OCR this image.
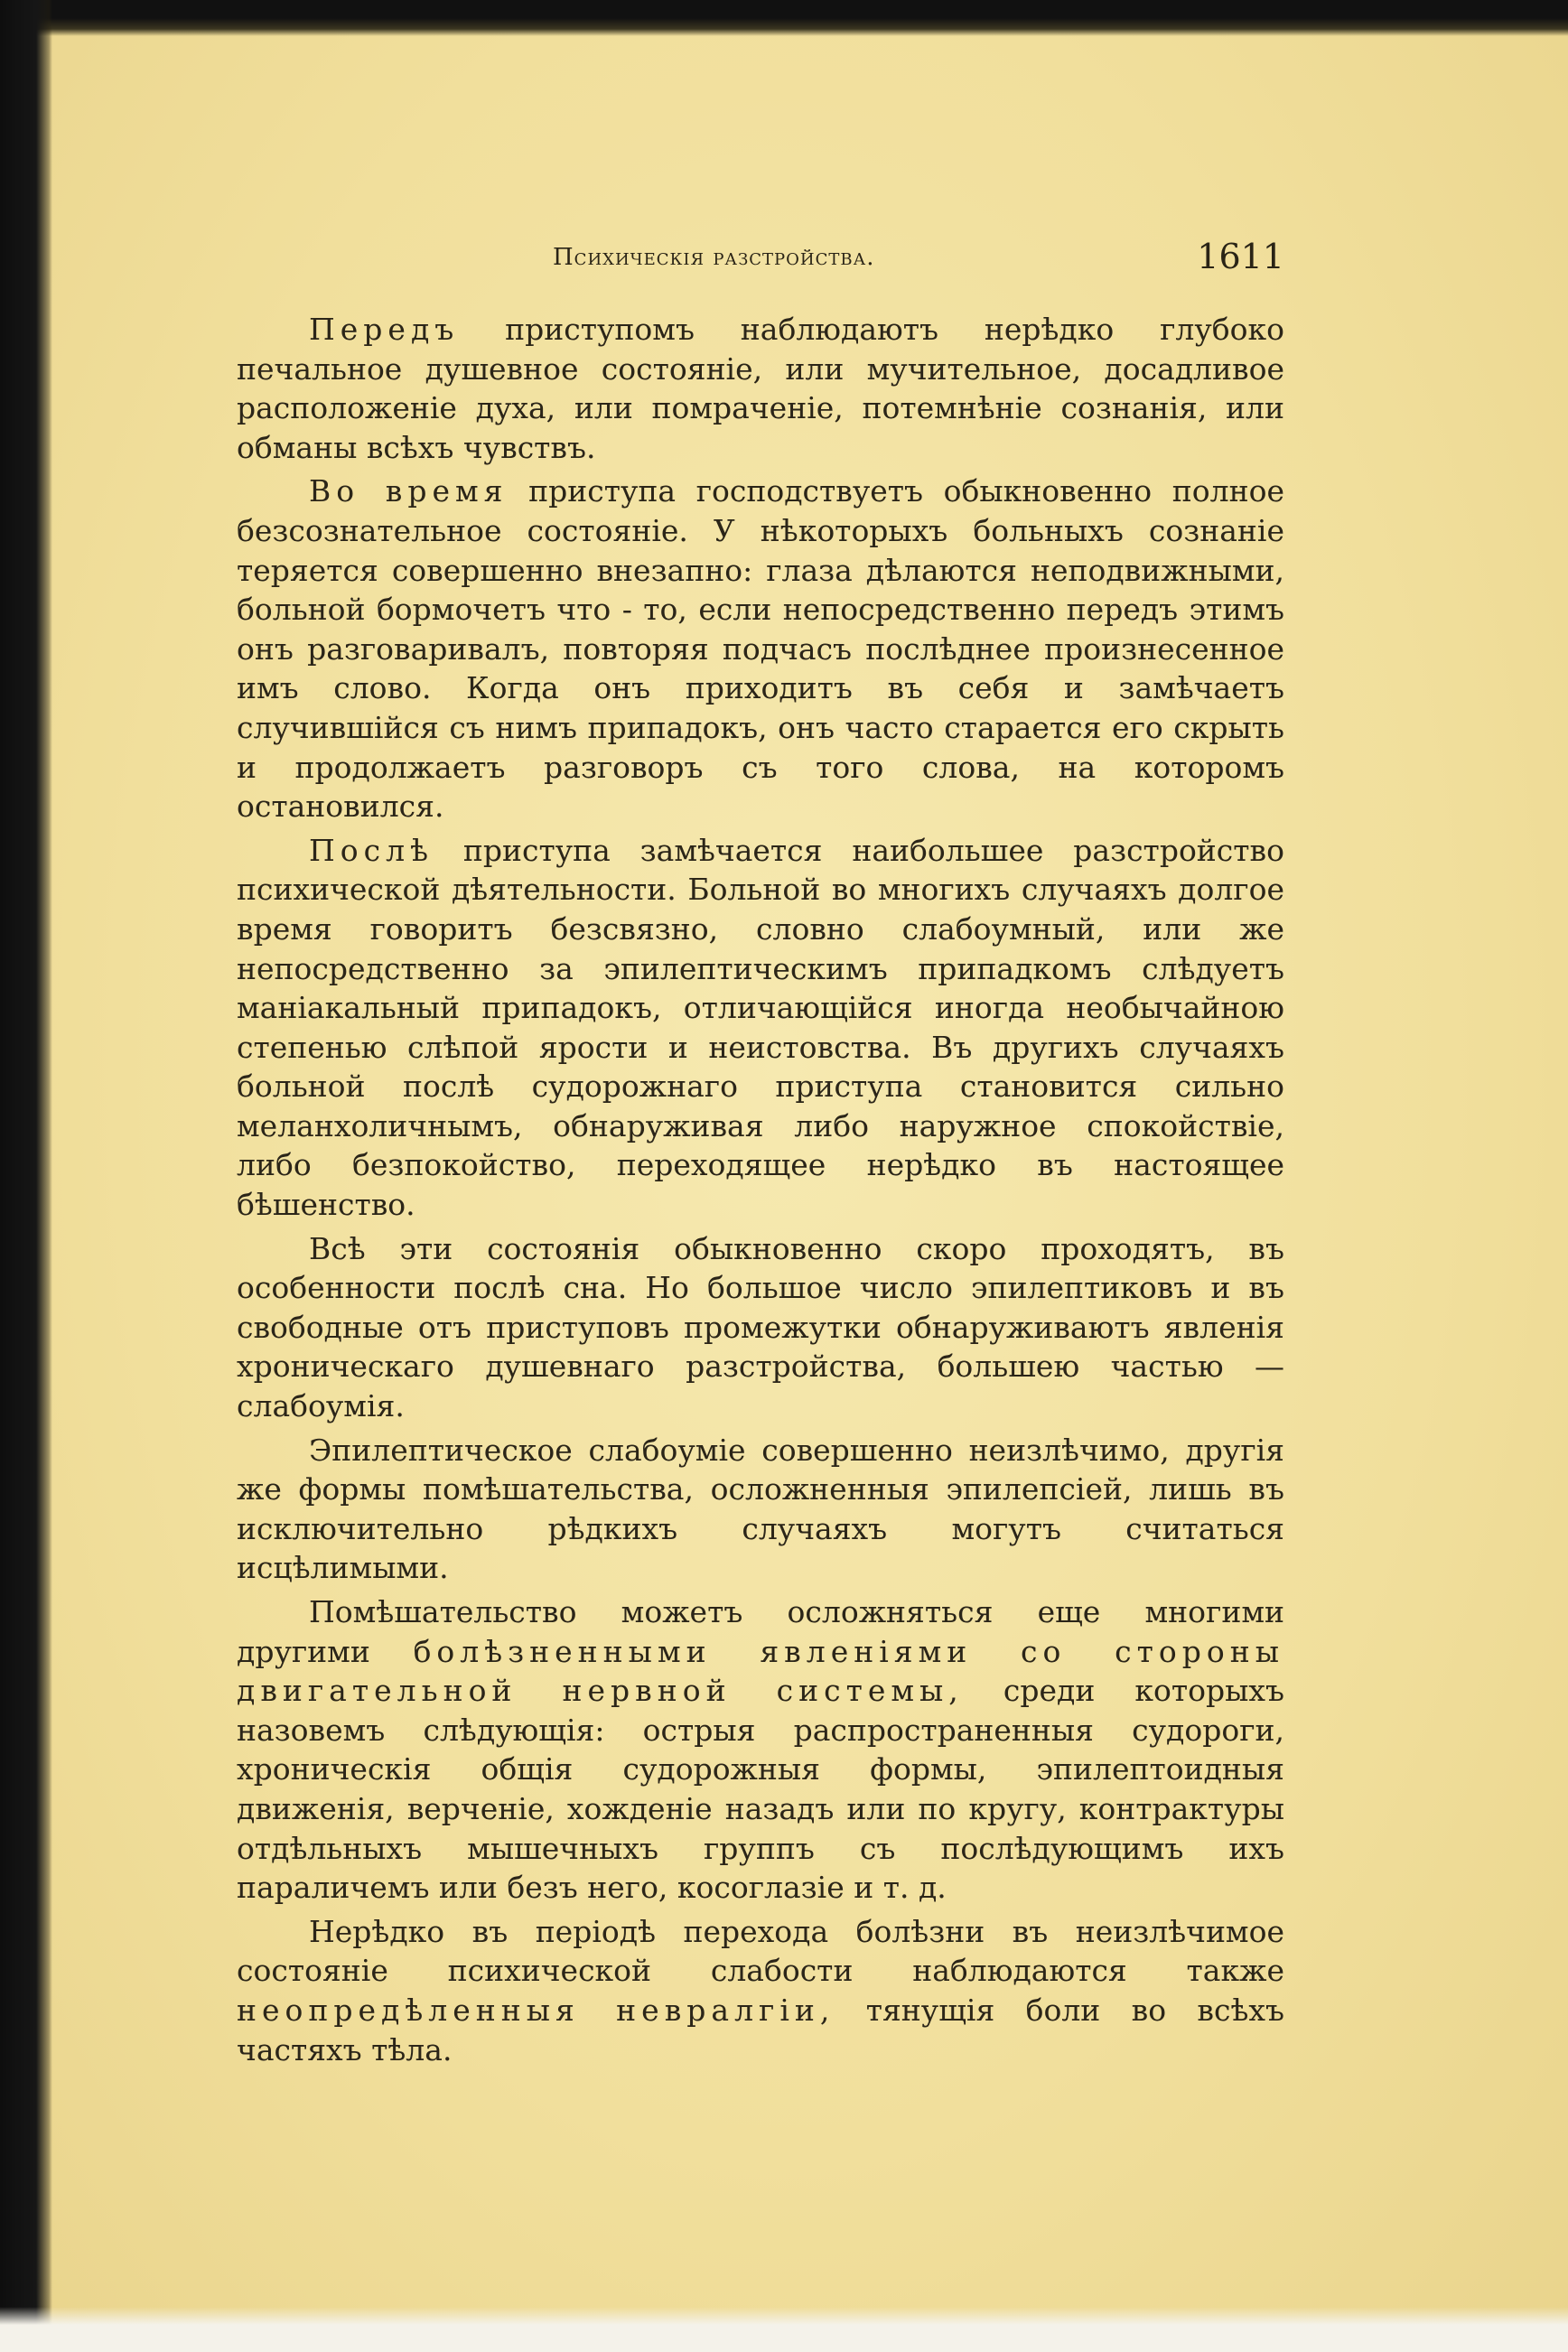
Психическія разстройства.	1611

Передъ приступомъ наблюдаютъ нерѣдко глубоко печальное душевное состояніе, или мучительное, досадливое расположеніе духа, или помраченіе, потемнѣніе сознанія, или обманы всѣхъ чувствъ.

Во время приступа господствуетъ обыкновенно полное безсознательное состояніе. У нѣкоторыхъ больныхъ сознаніе теряется совершенно внезапно: глаза дѣлаются неподвижными, больной бормочетъ что - то, если непосредственно передъ этимъ онъ разговаривалъ, повторяя подчасъ послѣднее произнесенное имъ слово. Когда онъ приходитъ въ себя и замѣчаетъ случившійся съ нимъ припадокъ, онъ часто старается его скрыть и продолжаетъ разговоръ съ того слова, на которомъ остановился.

Послѣ приступа замѣчается наибольшее разстройство психической дѣятельности. Больной во многихъ случаяхъ долгое время говоритъ безсвязно, словно слабоумный, или же непосредственно за эпилептическимъ припадкомъ слѣдуетъ маніакальный припадокъ, отличающійся иногда необычайною степенью слѣпой ярости и неистовства. Въ другихъ случаяхъ больной послѣ судорожнаго приступа становится сильно меланхоличнымъ, обнаруживая либо наружное спокойствіе, либо безпокойство, переходящее нерѣдко въ настоящее бѣшенство.

Всѣ эти состоянія обыкновенно скоро проходятъ, въ особенности послѣ сна. Но большое число эпилептиковъ и въ свободные отъ приступовъ промежутки обнаруживаютъ явленія хроническаго душевнаго разстройства, большею частью — слабоумія.

Эпилептическое слабоуміе совершенно неизлѣчимо, другія же формы помѣшательства, осложненныя эпилепсіей, лишь въ исключительно рѣдкихъ случаяхъ могутъ считаться исцѣлимыми.

Помѣшательство можетъ осложняться еще многими другими болѣзненными явленіями со стороны двигательной нервной системы, среди которыхъ назовемъ слѣдующія: острыя распространенныя судороги, хроническія общія судорожныя формы, эпилептоидныя движенія, верченіе, хожденіе назадъ или по кругу, контрактуры отдѣльныхъ мышечныхъ группъ съ послѣдующимъ ихъ параличемъ или безъ него, косоглазіе и т. д.

Нерѣдко въ періодѣ перехода болѣзни въ неизлѣчимое состояніе психической слабости наблюдаются также неопредѣленныя невралгіи, тянущія боли во всѣхъ частяхъ тѣла.
